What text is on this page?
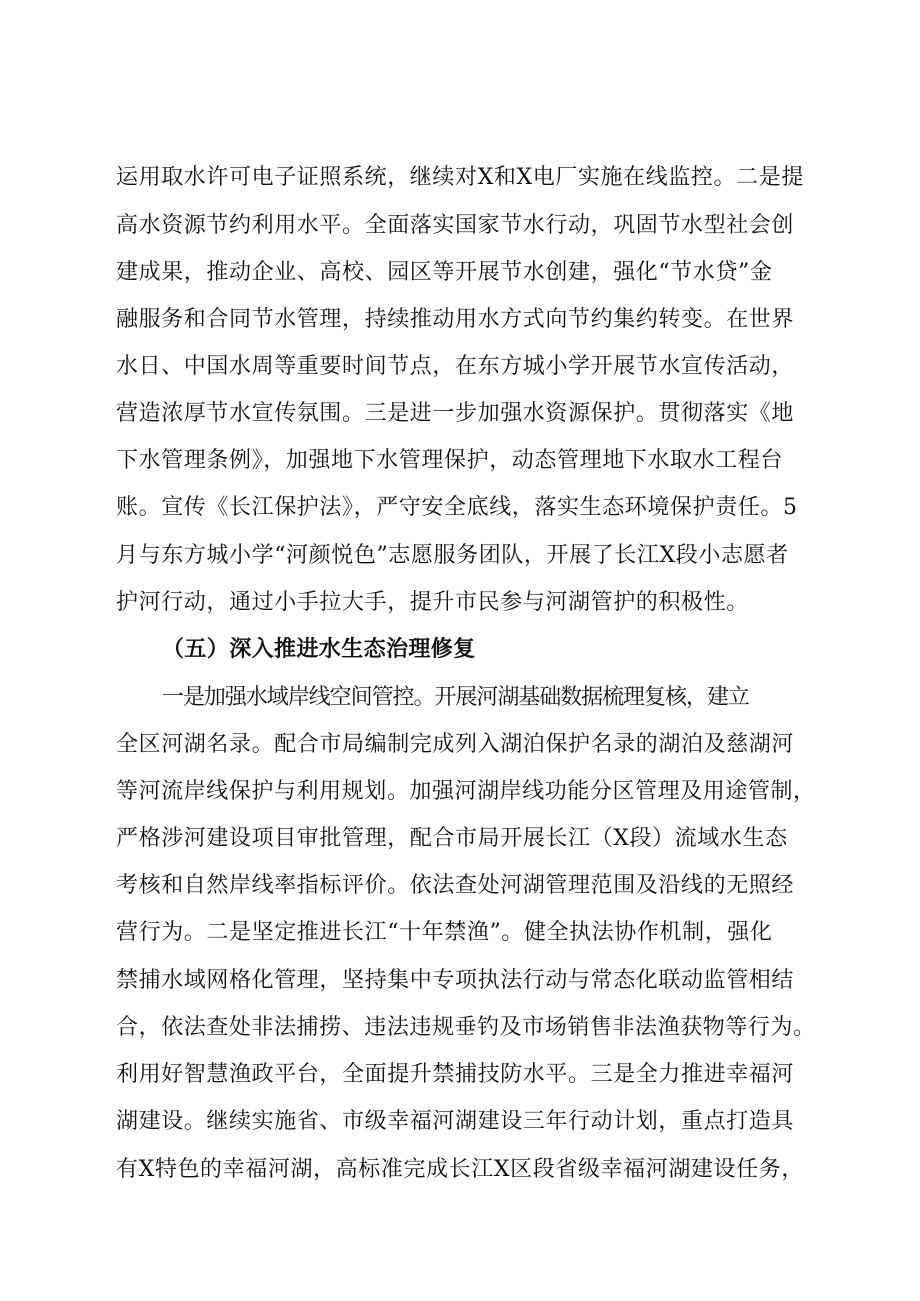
运用取水许可电子证照系统，继续对X和X电厂实施在线监控。二是提
高水资源节约利用水平。全面落实国家节水行动，巩固节水型社会创
建成果，推动企业、高校、园区等开展节水创建，强化“节水贷”金
融服务和合同节水管理，持续推动用水方式向节约集约转变。在世界
水日、中国水周等重要时间节点，在东方城小学开展节水宣传活动，
营造浓厚节水宣传氛围。三是进一步加强水资源保护。贯彻落实《地
下水管理条例》，加强地下水管理保护，动态管理地下水取水工程台
账。宣传《长江保护法》，严守安全底线，落实生态环境保护责任。5
月与东方城小学“河颜悦色”志愿服务团队，开展了长江X段小志愿者
护河行动，通过小手拉大手，提升市民参与河湖管护的积极性。
（五）深入推进水生态治理修复
一是加强水域岸线空间管控。开展河湖基础数据梳理复核，建立
全区河湖名录。配合市局编制完成列入湖泊保护名录的湖泊及慈湖河
等河流岸线保护与利用规划。加强河湖岸线功能分区管理及用途管制，
严格涉河建设项目审批管理，配合市局开展长江（X段）流域水生态
考核和自然岸线率指标评价。依法查处河湖管理范围及沿线的无照经
营行为。二是坚定推进长江“十年禁渔”。健全执法协作机制，强化
禁捕水域网格化管理，坚持集中专项执法行动与常态化联动监管相结
合，依法查处非法捕捞、违法违规垂钓及市场销售非法渔获物等行为。
利用好智慧渔政平台，全面提升禁捕技防水平。三是全力推进幸福河
湖建设。继续实施省、市级幸福河湖建设三年行动计划，重点打造具
有X特色的幸福河湖，高标准完成长江X区段省级幸福河湖建设任务，
